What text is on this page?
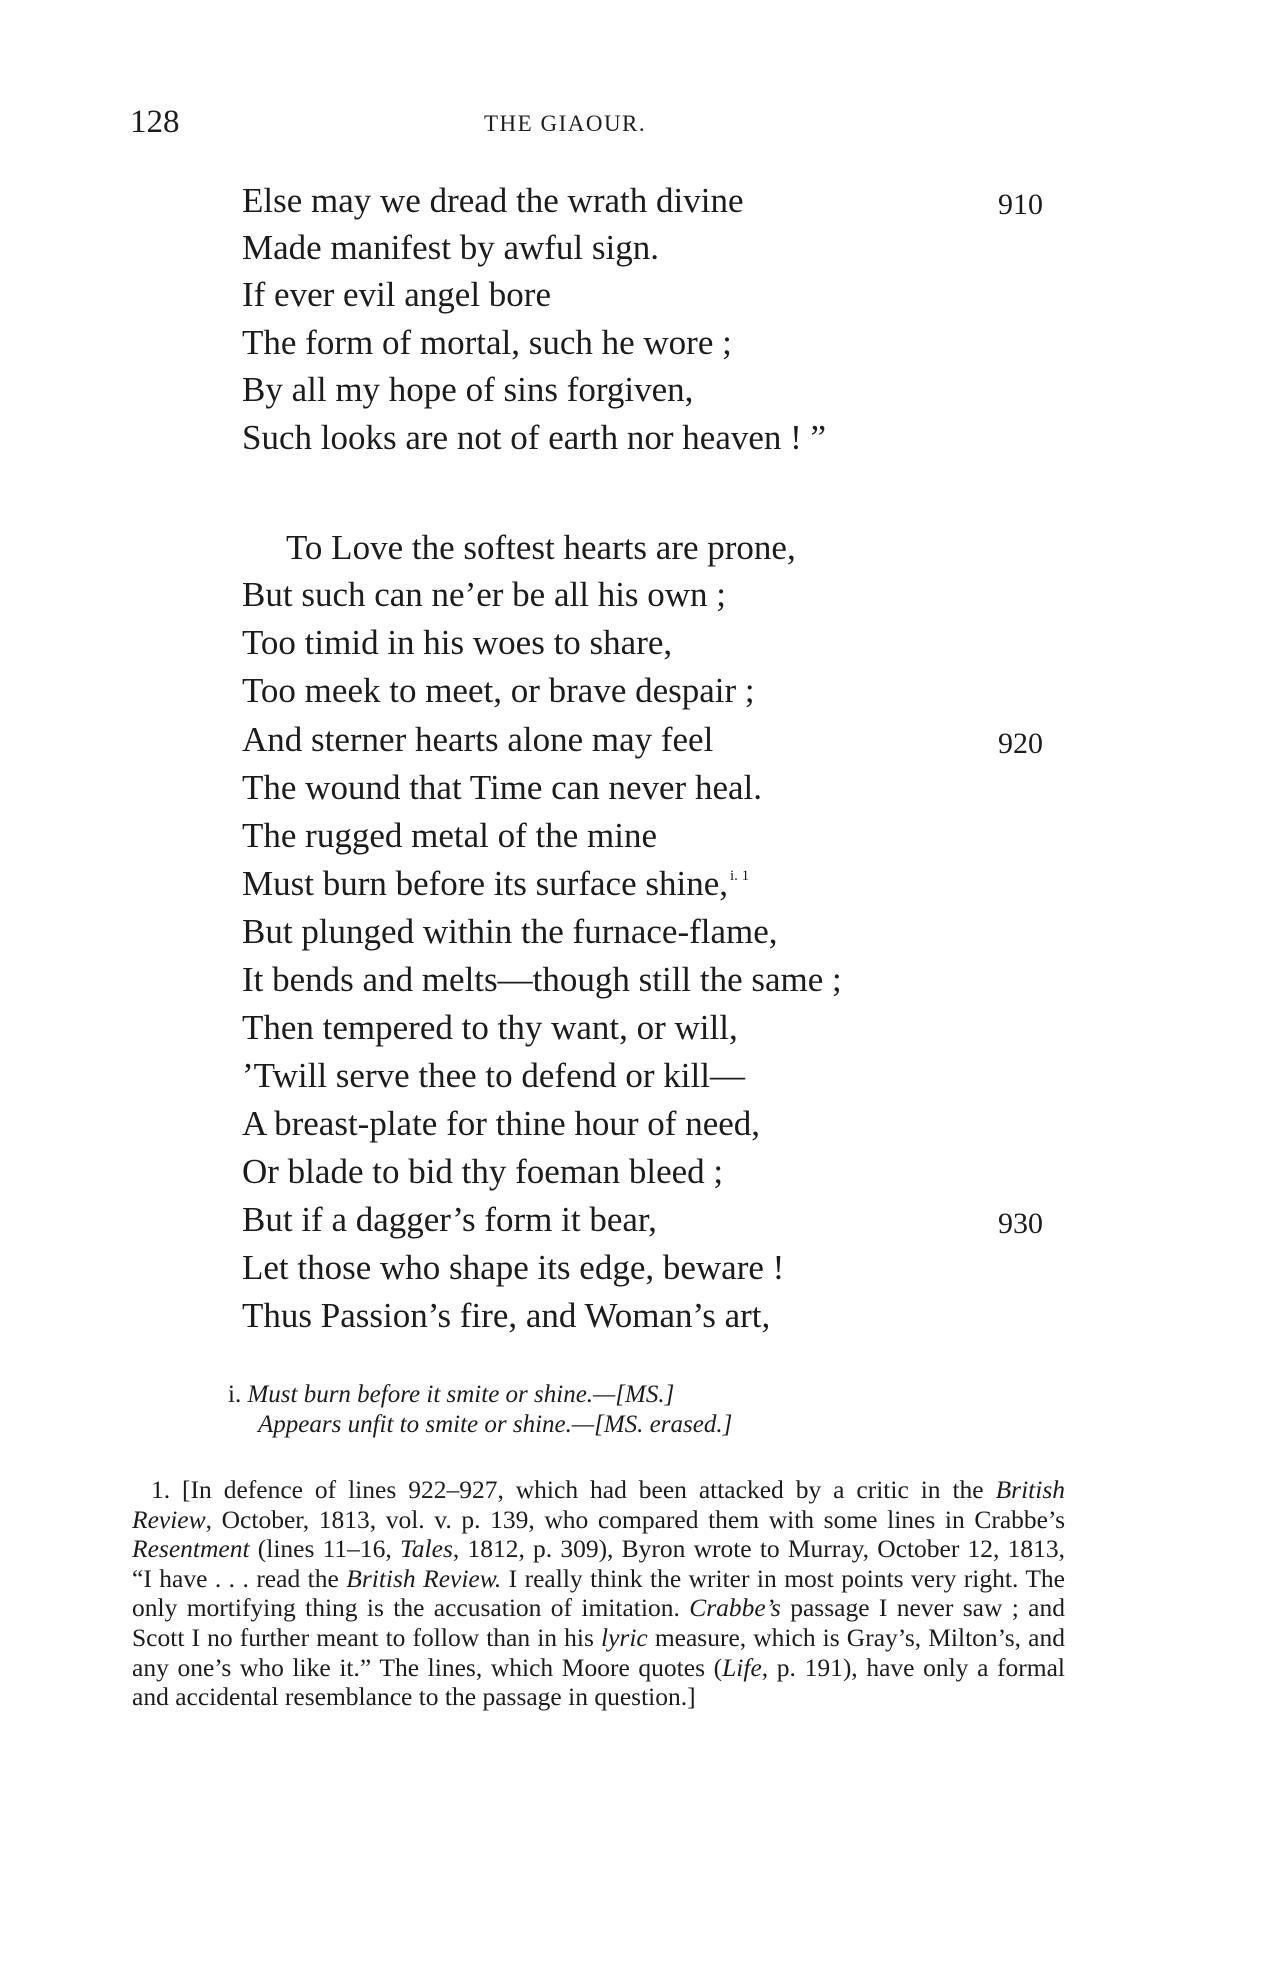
128	THE GIAOUR.
Else may we dread the wrath divine	910
Made manifest by awful sign.
If ever evil angel bore
The form of mortal, such he wore ;
By all my hope of sins forgiven,
Such looks are not of earth nor heaven ! ”
To Love the softest hearts are prone,
But such can ne’er be all his own ;
Too timid in his woes to share,
Too meek to meet, or brave despair ;
And sterner hearts alone may feel	920
The wound that Time can never heal.
The rugged metal of the mine
Must burn before its surface shine, $^{i. 1}$
But plunged within the furnace-flame,
It bends and melts—though still the same ;
Then tempered to thy want, or will,
’Twill serve thee to defend or kill—
A breast-plate for thine hour of need,
Or blade to bid thy foeman bleed ;
But if a dagger’s form it bear,	930
Let those who shape its edge, beware !
Thus Passion’s fire, and Woman’s art,
i. Must burn before it smite or shine.—[MS.]
Appears unfit to smite or shine.—[MS. erased.]
1. [In defence of lines 922–927, which had been attacked by a critic in the British Review, October, 1813, vol. v. p. 139, who compared them with some lines in Crabbe’s Resentment (lines 11–16, Tales, 1812, p. 309), Byron wrote to Murray, October 12, 1813, “I have . . . read the British Review. I really think the writer in most points very right. The only mortifying thing is the accusation of imitation. Crabbe’s passage I never saw ; and Scott I no further meant to follow than in his lyric measure, which is Gray’s, Milton’s, and any one’s who like it.” The lines, which Moore quotes (Life, p. 191), have only a formal and accidental resemblance to the passage in question.]
